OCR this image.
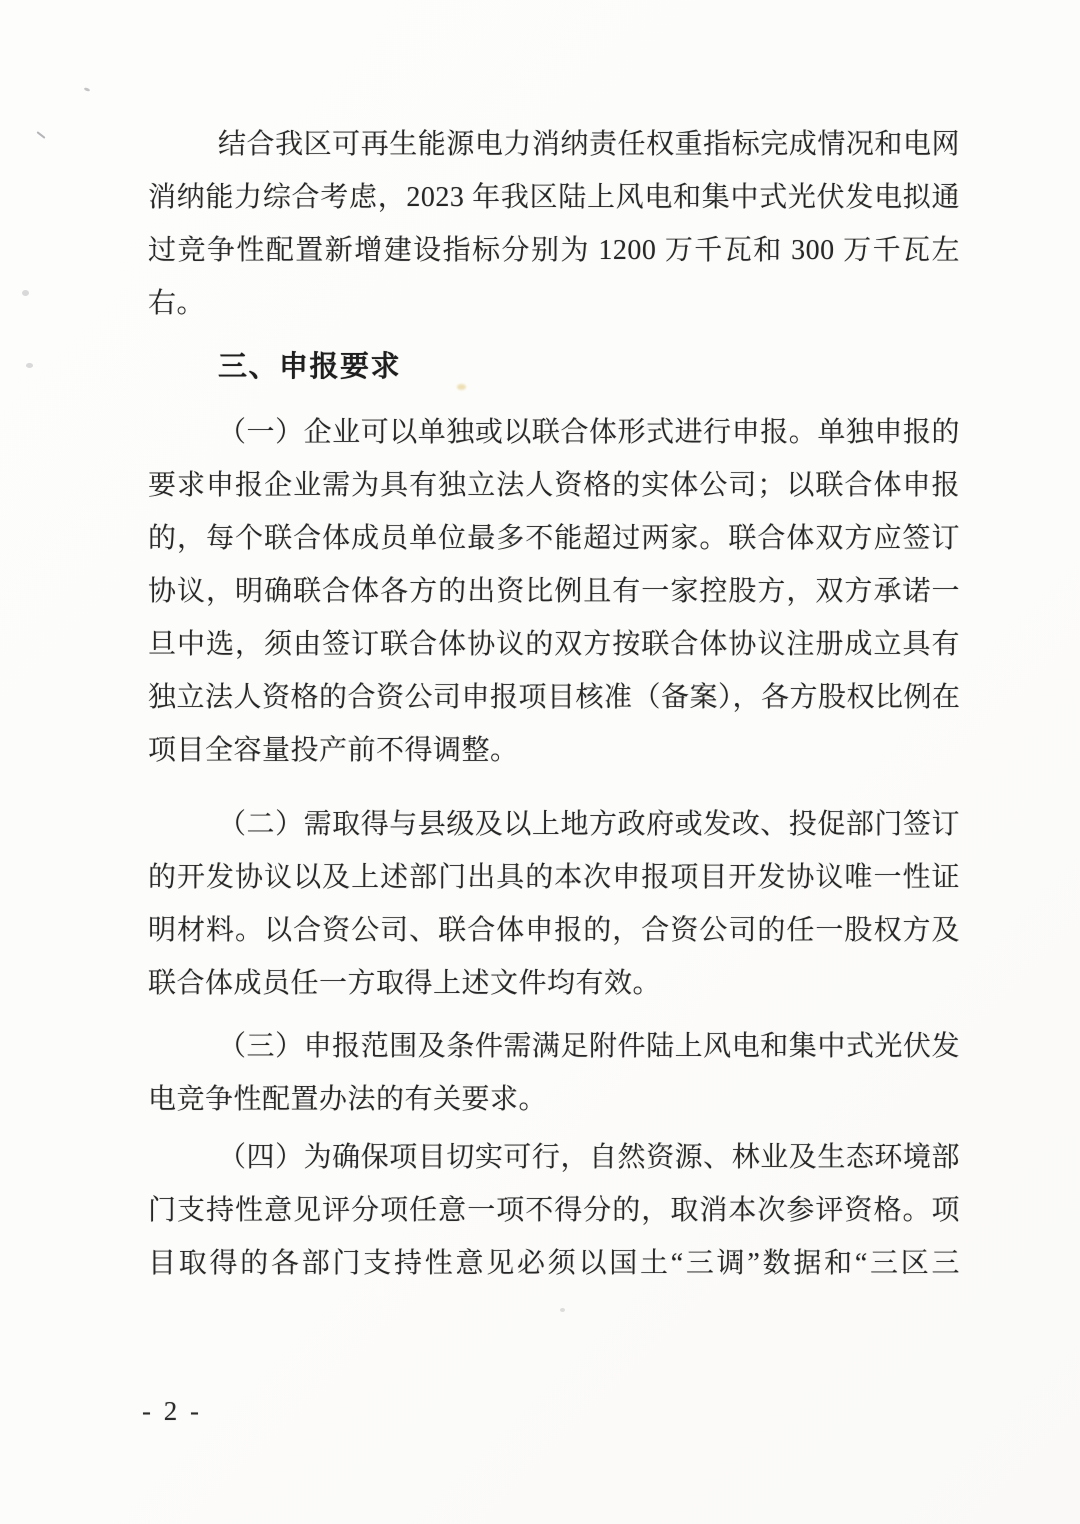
结合我区可再生能源电力消纳责任权重指标完成情况和电网
消纳能力综合考虑，2023 年我区陆上风电和集中式光伏发电拟通
过竞争性配置新增建设指标分别为 1200 万千瓦和 300 万千瓦左
右。

三、申报要求

（一）企业可以单独或以联合体形式进行申报。单独申报的
要求申报企业需为具有独立法人资格的实体公司；以联合体申报
的，每个联合体成员单位最多不能超过两家。联合体双方应签订
协议，明确联合体各方的出资比例且有一家控股方，双方承诺一
旦中选，须由签订联合体协议的双方按联合体协议注册成立具有
独立法人资格的合资公司申报项目核准（备案），各方股权比例在
项目全容量投产前不得调整。

（二）需取得与县级及以上地方政府或发改、投促部门签订
的开发协议以及上述部门出具的本次申报项目开发协议唯一性证
明材料。以合资公司、联合体申报的，合资公司的任一股权方及
联合体成员任一方取得上述文件均有效。

（三）申报范围及条件需满足附件陆上风电和集中式光伏发
电竞争性配置办法的有关要求。

（四）为确保项目切实可行，自然资源、林业及生态环境部
门支持性意见评分项任意一项不得分的，取消本次参评资格。项
目取得的各部门支持性意见必须以国土“三调”数据和“三区三

- 2 -
